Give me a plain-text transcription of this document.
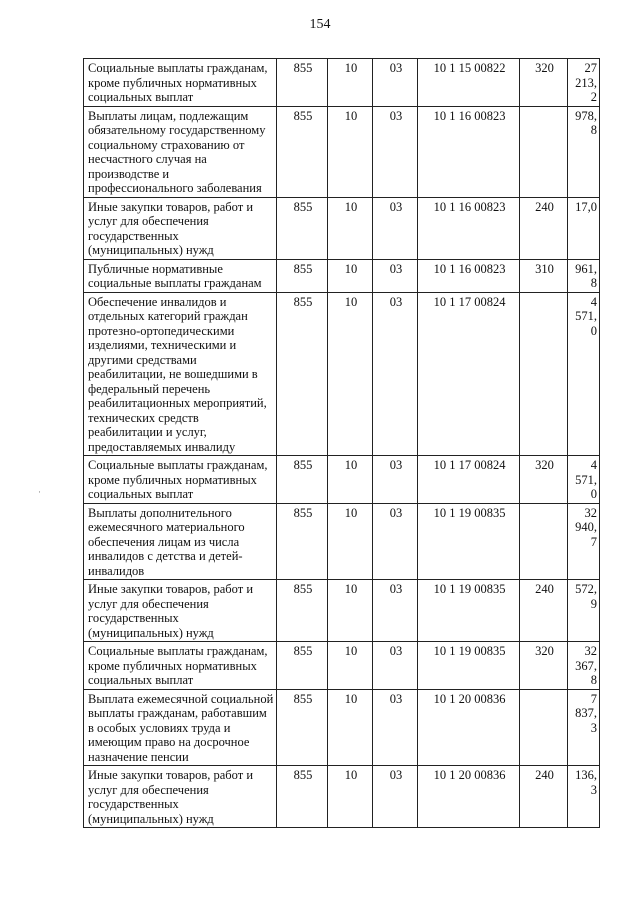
154
·
Социальные выплаты гражданам, кроме публичных нормативных социальных выплат	855	10	03	10 1 15 00822	320	27 213,2
Выплаты лицам, подлежащим обязательному государственному социальному страхованию от несчастного случая на производстве и профессионального заболевания	855	10	03	10 1 16 00823		978,8
Иные закупки товаров, работ и услуг для обеспечения государственных (муниципальных) нужд	855	10	03	10 1 16 00823	240	17,0
Публичные нормативные социальные выплаты гражданам	855	10	03	10 1 16 00823	310	961,8
Обеспечение инвалидов и отдельных категорий граждан протезно-ортопедическими изделиями, техническими и другими средствами реабилитации, не вошедшими в федеральный перечень реабилитационных мероприятий, технических средств реабилитации и услуг, предоставляемых инвалиду	855	10	03	10 1 17 00824		4 571,0
Социальные выплаты гражданам, кроме публичных нормативных социальных выплат	855	10	03	10 1 17 00824	320	4 571,0
Выплаты дополнительного ежемесячного материального обеспечения лицам из числа инвалидов с детства и детей-инвалидов	855	10	03	10 1 19 00835		32 940,7
Иные закупки товаров, работ и услуг для обеспечения государственных (муниципальных) нужд	855	10	03	10 1 19 00835	240	572,9
Социальные выплаты гражданам, кроме публичных нормативных социальных выплат	855	10	03	10 1 19 00835	320	32 367,8
Выплата ежемесячной социальной выплаты гражданам, работавшим в особых условиях труда и имеющим право на досрочное назначение пенсии	855	10	03	10 1 20 00836		7 837,3
Иные закупки товаров, работ и услуг для обеспечения государственных (муниципальных) нужд	855	10	03	10 1 20 00836	240	136,3
